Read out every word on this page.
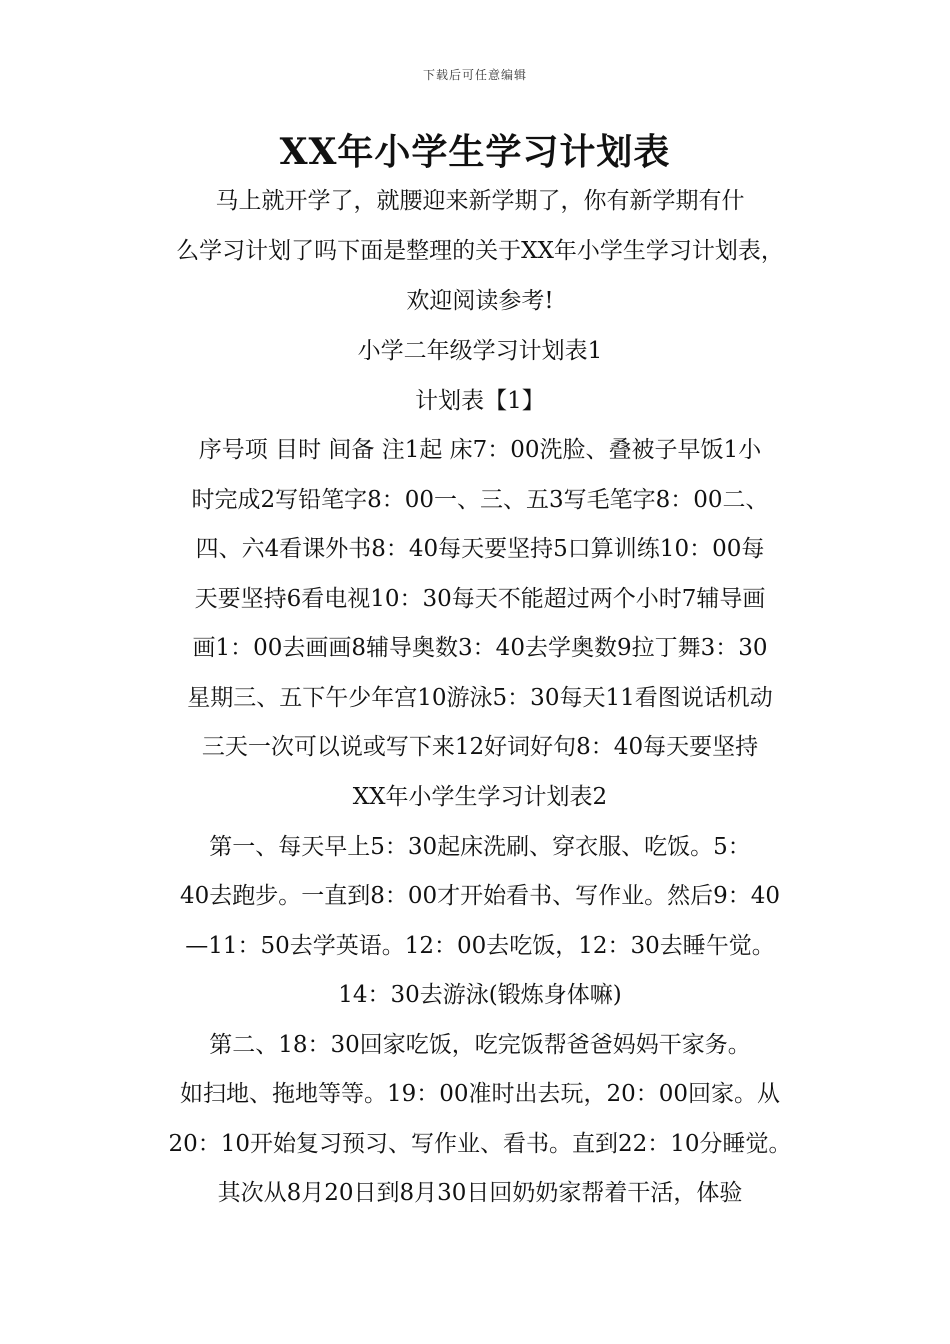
下载后可任意编辑
XX年小学生学习计划表
马上就开学了，就腰迎来新学期了，你有新学期有什
么学习计划了吗下面是整理的关于XX年小学生学习计划表，
欢迎阅读参考!
小学二年级学习计划表1
计划表【1】
序号项 目时 间备 注1起 床7：00洗脸、叠被子早饭1小
时完成2写铅笔字8：00一、三、五3写毛笔字8：00二、
四、六4看课外书8：40每天要坚持5口算训练10：00每
天要坚持6看电视10：30每天不能超过两个小时7辅导画
画1：00去画画8辅导奥数3：40去学奥数9拉丁舞3：30
星期三、五下午少年宫10游泳5：30每天11看图说话机动
三天一次可以说或写下来12好词好句8：40每天要坚持
XX年小学生学习计划表2
第一、每天早上5：30起床洗刷、穿衣服、吃饭。5：
40去跑步。一直到8：00才开始看书、写作业。然后9：40
—11：50去学英语。12：00去吃饭，12：30去睡午觉。
14：30去游泳(锻炼身体嘛)
第二、18：30回家吃饭，吃完饭帮爸爸妈妈干家务。
如扫地、拖地等等。19：00准时出去玩，20：00回家。从
20：10开始复习预习、写作业、看书。直到22：10分睡觉。
其次从8月20日到8月30日回奶奶家帮着干活，体验
